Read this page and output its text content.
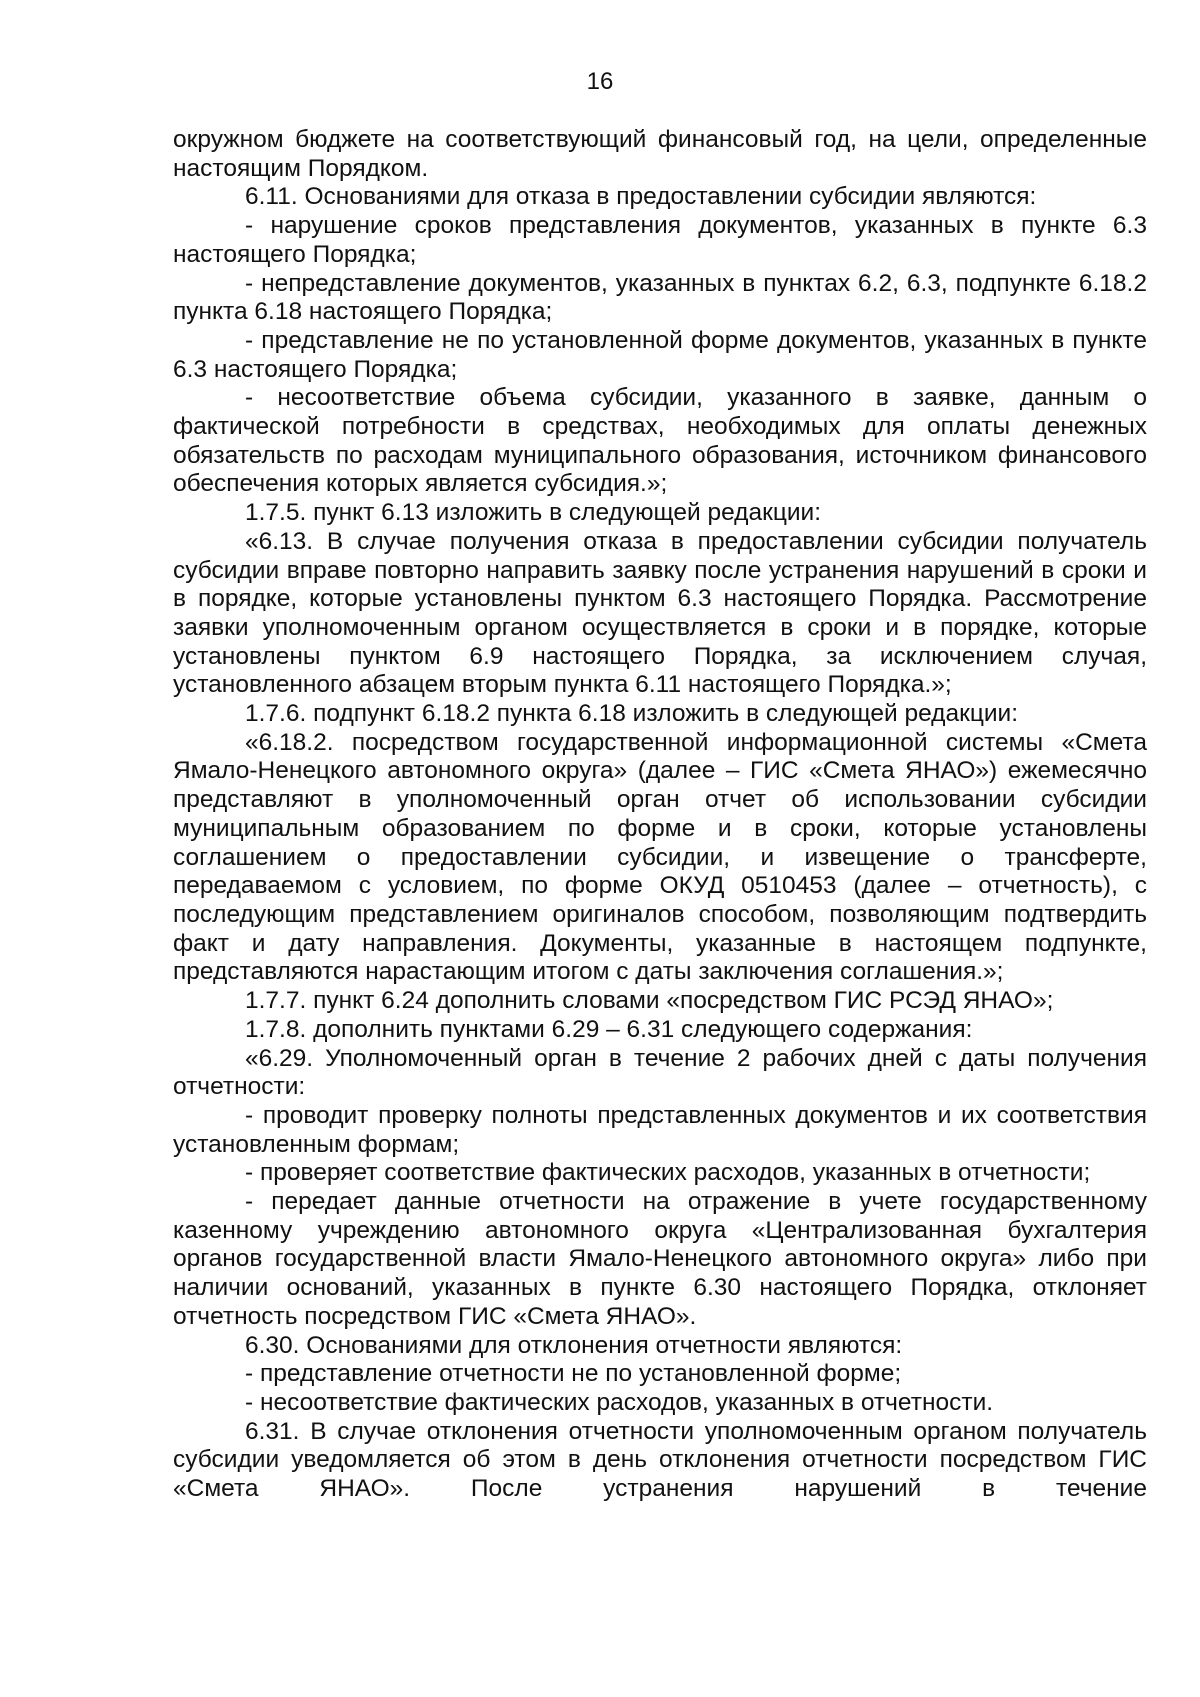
16

окружном бюджете на соответствующий финансовый год, на цели, определенные настоящим Порядком.

6.11. Основаниями для отказа в предоставлении субсидии являются:

- нарушение сроков представления документов, указанных в пункте 6.3 настоящего Порядка;

- непредставление документов, указанных в пунктах 6.2, 6.3, подпункте 6.18.2 пункта 6.18 настоящего Порядка;

- представление не по установленной форме документов, указанных в пункте 6.3 настоящего Порядка;

- несоответствие объема субсидии, указанного в заявке, данным о фактической потребности в средствах, необходимых для оплаты денежных обязательств по расходам муниципального образования, источником финансового обеспечения которых является субсидия.»;

1.7.5. пункт 6.13 изложить в следующей редакции:

«6.13. В случае получения отказа в предоставлении субсидии получатель субсидии вправе повторно направить заявку после устранения нарушений в сроки и в порядке, которые установлены пунктом 6.3 настоящего Порядка. Рассмотрение заявки уполномоченным органом осуществляется в сроки и в порядке, которые установлены пунктом 6.9 настоящего Порядка, за исключением случая, установленного абзацем вторым пункта 6.11 настоящего Порядка.»;

1.7.6. подпункт 6.18.2 пункта 6.18 изложить в следующей редакции:

«6.18.2. посредством государственной информационной системы «Смета Ямало-Ненецкого автономного округа» (далее – ГИС «Смета ЯНАО») ежемесячно представляют в уполномоченный орган отчет об использовании субсидии муниципальным образованием по форме и в сроки, которые установлены соглашением о предоставлении субсидии, и извещение о трансферте, передаваемом с условием, по форме ОКУД 0510453 (далее – отчетность), с последующим представлением оригиналов способом, позволяющим подтвердить факт и дату направления. Документы, указанные в настоящем подпункте, представляются нарастающим итогом с даты заключения соглашения.»;

1.7.7. пункт 6.24 дополнить словами «посредством ГИС РСЭД ЯНАО»;

1.7.8. дополнить пунктами 6.29 – 6.31 следующего содержания:

«6.29. Уполномоченный орган в течение 2 рабочих дней с даты получения отчетности:

- проводит проверку полноты представленных документов и их соответствия установленным формам;

- проверяет соответствие фактических расходов, указанных в отчетности;

- передает данные отчетности на отражение в учете государственному казенному учреждению автономного округа «Централизованная бухгалтерия органов государственной власти Ямало-Ненецкого автономного округа» либо при наличии оснований, указанных в пункте 6.30 настоящего Порядка, отклоняет отчетность посредством ГИС «Смета ЯНАО».

6.30. Основаниями для отклонения отчетности являются:

- представление отчетности не по установленной форме;

- несоответствие фактических расходов, указанных в отчетности.

6.31. В случае отклонения отчетности уполномоченным органом получатель субсидии уведомляется об этом в день отклонения отчетности посредством ГИС «Смета ЯНАО». После устранения нарушений в течение
